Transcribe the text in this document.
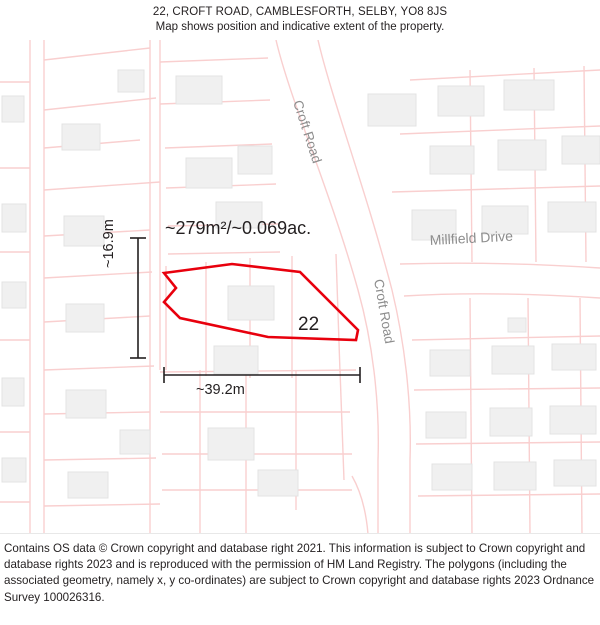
22, CROFT ROAD, CAMBLESFORTH, SELBY, YO8 8JS
Map shows position and indicative extent of the property.
Croft Road
Croft Road
Millfield Drive
~279m²/~0.069ac.
22
~39.2m
~16.9m

Contains OS data © Crown copyright and database right 2021. This information is subject to Crown copyright and database rights 2023 and is reproduced with the permission of HM Land Registry. The polygons (including the associated geometry, namely x, y co-ordinates) are subject to Crown copyright and database rights 2023 Ordnance Survey 100026316.
